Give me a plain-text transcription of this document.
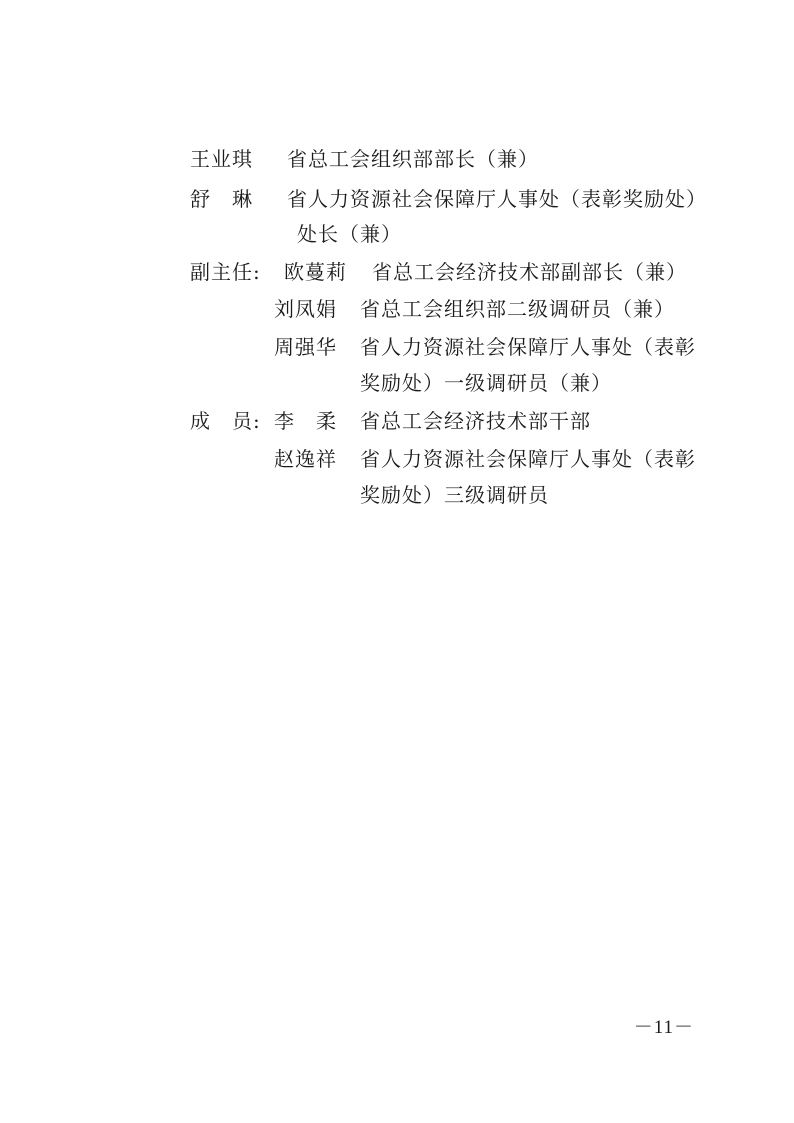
王业琪 省总工会组织部部长（兼）
舒　琳 省人力资源社会保障厅人事处（表彰奖励处）
处长（兼）
副主任: 欧蔓莉 省总工会经济技术部副部长（兼）
刘凤娟 省总工会组织部二级调研员（兼）
周强华 省人力资源社会保障厅人事处（表彰
奖励处）一级调研员（兼）
成　员: 李　柔 省总工会经济技术部干部
赵逸祥 省人力资源社会保障厅人事处（表彰
奖励处）三级调研员
－11－
